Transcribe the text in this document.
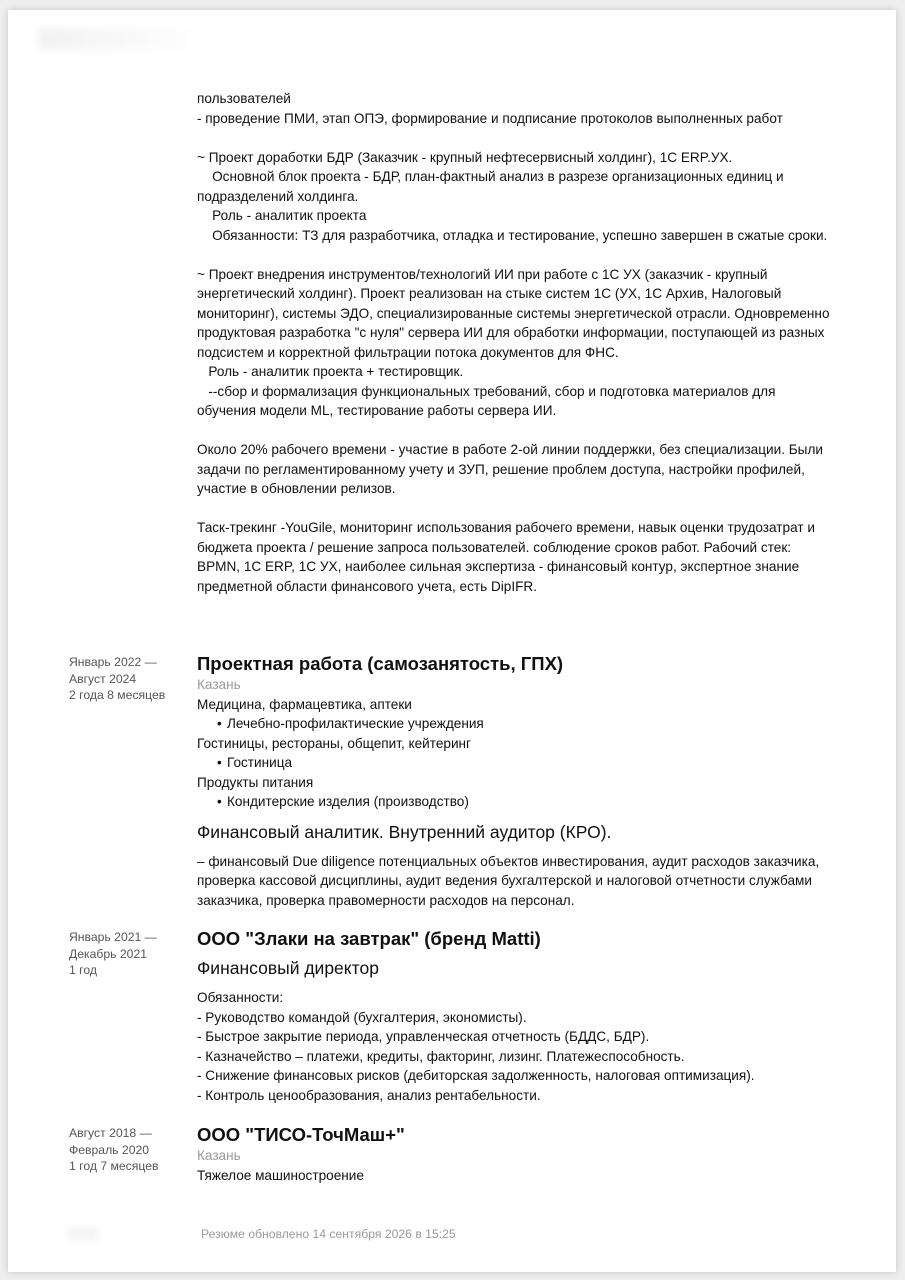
пользователей

- проведение ПМИ, этап ОПЭ, формирование и подписание протоколов выполненных работ

~ Проект доработки БДР (Заказчик - крупный нефтесервисный холдинг), 1С ERP.УХ.

Основной блок проекта - БДР, план-фактный анализ в разрезе организационных единиц и подразделений холдинга.

Роль - аналитик проекта

Обязанности: ТЗ для разработчика, отладка и тестирование, успешно завершен в сжатые сроки.

~ Проект внедрения инструментов/технологий ИИ при работе с 1С УХ (заказчик - крупный энергетический холдинг). Проект реализован на стыке систем 1С (УХ, 1С Архив, Налоговый мониторинг), системы ЭДО, специализированные системы энергетической отрасли. Одновременно продуктовая разработка "с нуля" сервера ИИ для обработки информации, поступающей из разных подсистем и корректной фильтрации потока документов для ФНС.

Роль - аналитик проекта + тестировщик.

--сбор и формализация функциональных требований, сбор и подготовка материалов для обучения модели ML, тестирование работы сервера ИИ.

Около 20% рабочего времени - участие в работе 2-ой линии поддержки, без специализации. Были задачи по регламентированному учету и ЗУП, решение проблем доступа, настройки профилей, участие в обновлении релизов.

Таск-трекинг -YouGile, мониторинг использования рабочего времени, навык оценки трудозатрат и бюджета проекта / решение запроса пользователей. соблюдение сроков работ. Рабочий стек: BPMN, 1С ERP, 1С УХ, наиболее сильная экспертиза - финансовый контур, экспертное знание предметной области финансового учета, есть DipIFR.

Январь 2022 —
Август 2024
2 года 8 месяцев
Проектная работа (самозанятость, ГПХ)
Казань
Медицина, фармацевтика, аптеки
• Лечебно-профилактические учреждения
Гостиницы, рестораны, общепит, кейтеринг
• Гостиница
Продукты питания
• Кондитерские изделия (производство)
Финансовый аналитик. Внутренний аудитор (КРО).

– финансовый Due diligence потенциальных объектов инвестирования, аудит расходов заказчика, проверка кассовой дисциплины, аудит ведения бухгалтерской и налоговой отчетности службами заказчика, проверка правомерности расходов на персонал.

Январь 2021 —
Декабрь 2021
1 год
ООО "Злаки на завтрак" (бренд Matti)
Финансовый директор

Обязанности:

- Руководство командой (бухгалтерия, экономисты).

- Быстрое закрытие периода, управленческая отчетность (БДДС, БДР).

- Казначейство – платежи, кредиты, факторинг, лизинг. Платежеспособность.

- Снижение финансовых рисков (дебиторская задолженность, налоговая оптимизация).

- Контроль ценообразования, анализ рентабельности.

Август 2018 —
Февраль 2020
1 год 7 месяцев
ООО "ТИСО-ТочМаш+"
Казань
Тяжелое машиностроение
Резюме обновлено 14 сентября 2026 в 15:25
